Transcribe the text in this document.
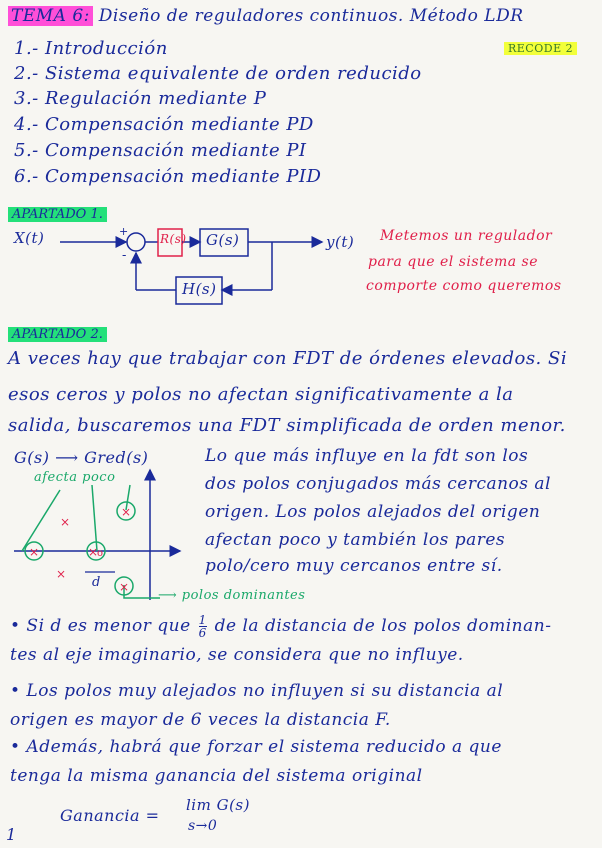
TEMA 6: Diseño de reguladores continuos. Método LDR
RECODE 2
1.- Introducción
2.- Sistema equivalente de orden reducido
3.- Regulación mediante P
4.- Compensación mediante PD
5.- Compensación mediante PI
6.- Compensación mediante PID
APARTADO 1.
×	×
o
×
×
×
×
X(t)	+
-
R(s) G(s)	y(t)
H(s)
Metemos un regulador
para que el sistema se
comporte como queremos
APARTADO 2.
A veces hay que trabajar con FDT de órdenes elevados. Si
esos ceros y polos no afectan significativamente a la
salida, buscaremos una FDT simplificada de orden menor.
G(s) ⟶ Gred(s)
afecta poco
d
⟶ polos dominantes
Lo que más influye en la fdt son los
dos polos conjugados más cercanos al
origen. Los polos alejados del origen
afectan poco y también los pares
polo/cero muy cercanos entre sí.
• Si d es menor que $\frac{1}{6}$ de la distancia de los polos dominan-
tes al eje imaginario, se considera que no influye.
• Los polos muy alejados no influyen si su distancia al
origen es mayor de 6 veces la distancia F.
• Además, habrá que forzar el sistema reducido a que
tenga la misma ganancia del sistema original
Ganancia =
lim G(s)
s→0
1
